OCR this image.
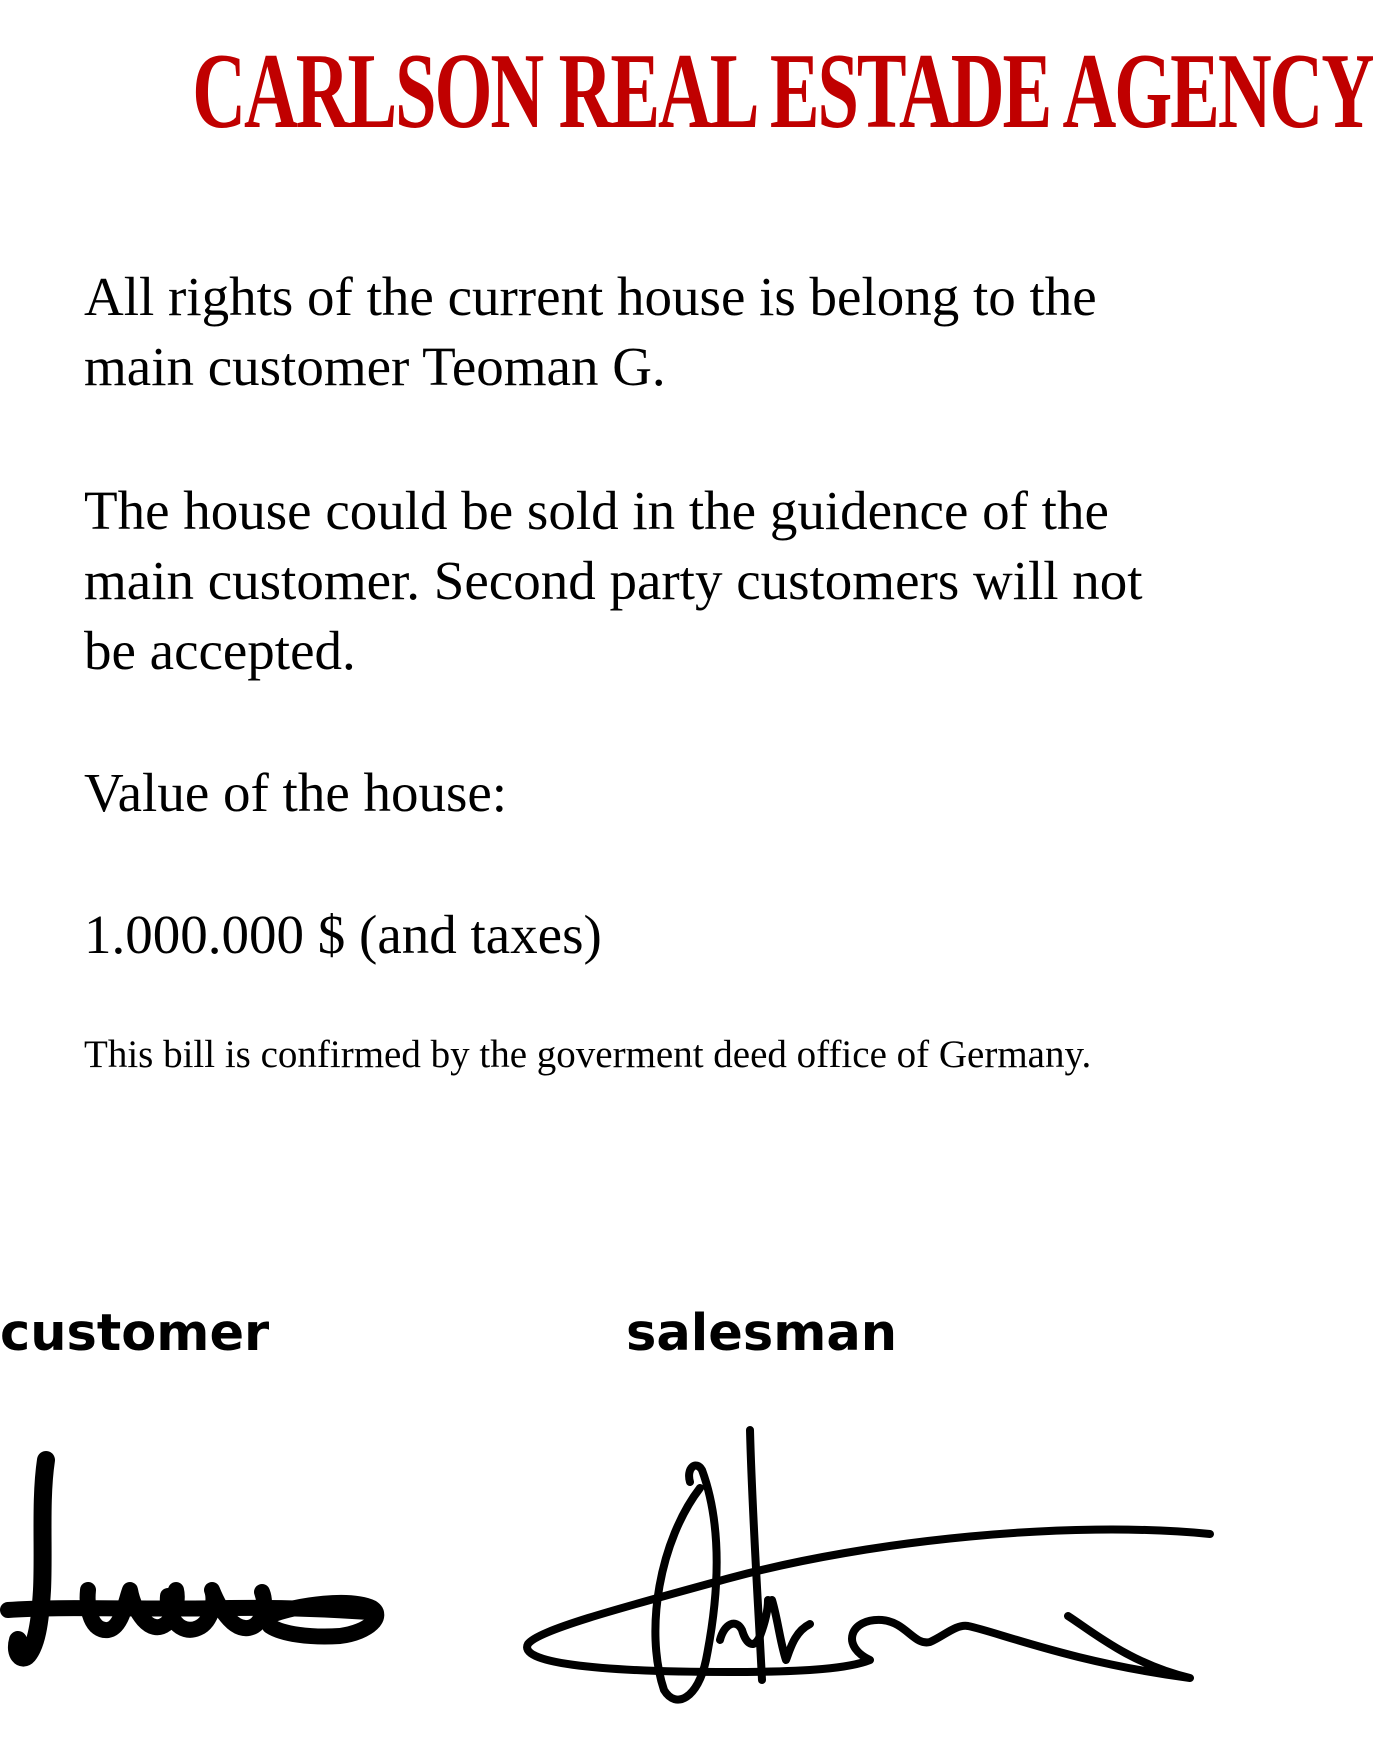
CARLSON REAL ESTADE AGENCY

All rights of the current house is belong to the main customer Teoman G.

The house could be sold in the guidence of the main customer. Second party customers will not be accepted.

Value of the house:

1.000.000 $ (and taxes)

This bill is confirmed by the goverment deed office of Germany.

customer	salesman
